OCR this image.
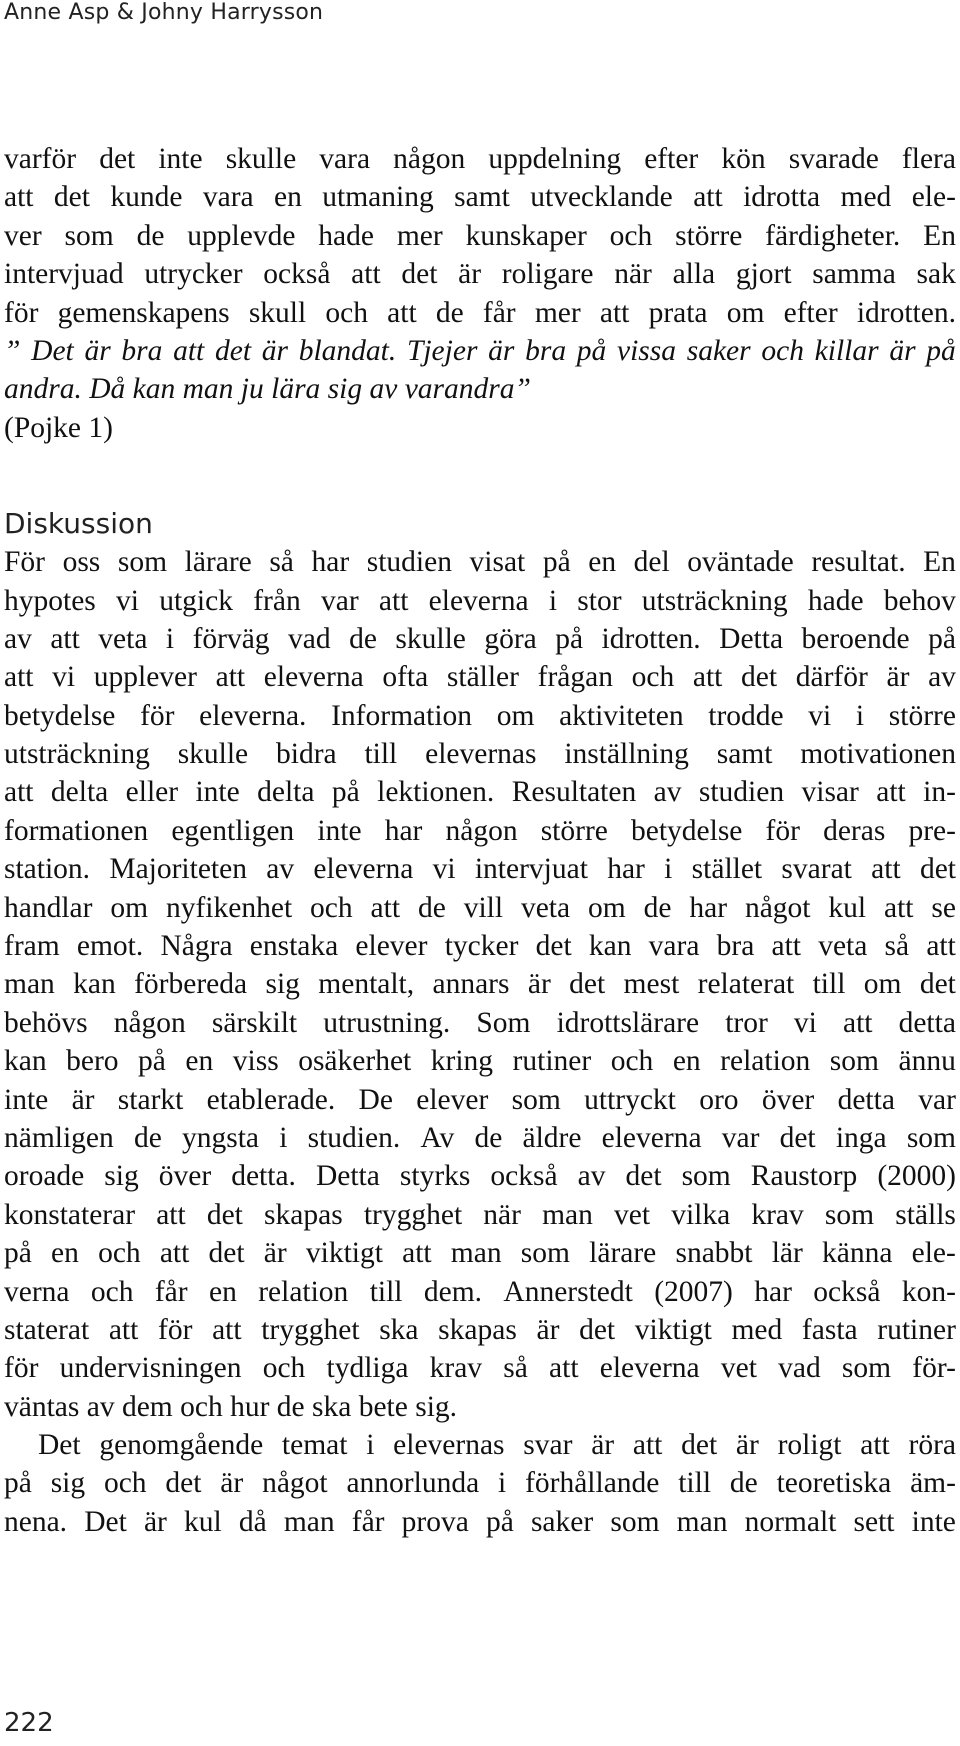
Anne Asp & Johny Harrysson
varför det inte skulle vara någon uppdelning efter kön svarade flera
att det kunde vara en utmaning samt utvecklande att idrotta med ele-
ver som de upplevde hade mer kunskaper och större färdigheter. En
intervjuad utrycker också att det är roligare när alla gjort samma sak
för gemenskapens skull och att de får mer att prata om efter idrotten.
” Det är bra att det är blandat. Tjejer är bra på vissa saker och killar är på
andra. Då kan man ju lära sig av varandra”
(Pojke 1)
Diskussion
För oss som lärare så har studien visat på en del oväntade resultat. En
hypotes vi utgick från var att eleverna i stor utsträckning hade behov
av att veta i förväg vad de skulle göra på idrotten. Detta beroende på
att vi upplever att eleverna ofta ställer frågan och att det därför är av
betydelse för eleverna. Information om aktiviteten trodde vi i större
utsträckning skulle bidra till elevernas inställning samt motivationen
att delta eller inte delta på lektionen. Resultaten av studien visar att in-
formationen egentligen inte har någon större betydelse för deras pre-
station. Majoriteten av eleverna vi intervjuat har i stället svarat att det
handlar om nyfikenhet och att de vill veta om de har något kul att se
fram emot. Några enstaka elever tycker det kan vara bra att veta så att
man kan förbereda sig mentalt, annars är det mest relaterat till om det
behövs någon särskilt utrustning. Som idrottslärare tror vi att detta
kan bero på en viss osäkerhet kring rutiner och en relation som ännu
inte är starkt etablerade. De elever som uttryckt oro över detta var
nämligen de yngsta i studien. Av de äldre eleverna var det inga som
oroade sig över detta. Detta styrks också av det som Raustorp (2000)
konstaterar att det skapas trygghet när man vet vilka krav som ställs
på en och att det är viktigt att man som lärare snabbt lär känna ele-
verna och får en relation till dem. Annerstedt (2007) har också kon-
staterat att för att trygghet ska skapas är det viktigt med fasta rutiner
för undervisningen och tydliga krav så att eleverna vet vad som för-
väntas av dem och hur de ska bete sig.
Det genomgående temat i elevernas svar är att det är roligt att röra
på sig och det är något annorlunda i förhållande till de teoretiska äm-
nena. Det är kul då man får prova på saker som man normalt sett inte
222
